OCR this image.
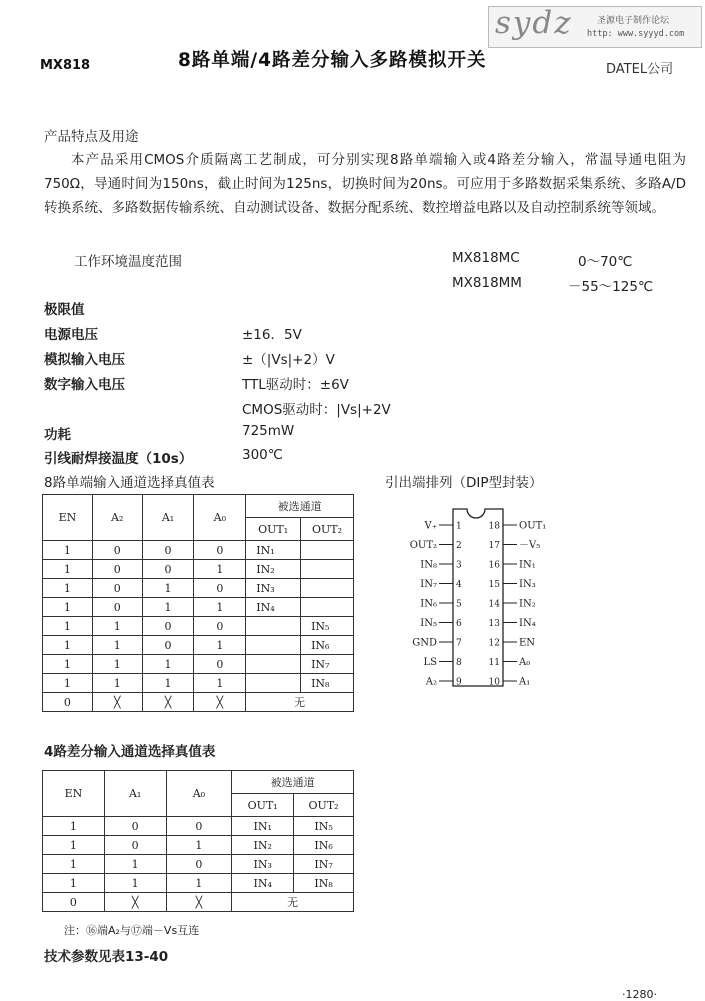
sydz	圣源电子制作论坛
http: www.syyyd.com
MX818	8路单端/4路差分输入多路模拟开关	DATEL公司
产品特点及用途
本产品采用CMOS介质隔离工艺制成，可分别实现8路单端输入或4路差分输入，常温导通电阻为750Ω，导通时间为150ns，截止时间为125ns，切换时间为20ns。可应用于多路数据采集系统、多路A/D转换系统、多路数据传输系统、自动测试设备、数据分配系统、数控增益电路以及自动控制系统等领域。
工作环境温度范围	MX818MC	0～70℃
MX818MM	－55～125℃
极限值
电源电压	±16．5V
模拟输入电压	±（|Vs|+2）V
数字输入电压	TTL驱动时：±6V
CMOS驱动时：|Vs|+2V
功耗	725mW
引线耐焊接温度（10s）	300℃
8路单端输入通道选择真值表
EN	A₂	A₁	A₀	被选通道	
				OUT₁	OUT₂
1	0	0	0	IN₁	
1	0	0	1	IN₂	
1	0	1	0	IN₃	
1	0	1	1	IN₄	
1	1	0	0		IN₅
1	1	0	1		IN₆
1	1	1	0		IN₇
1	1	1	1		IN₈
0	╳	╳	╳	无	
引出端排列（DIP型封装）
V₊ 1
OUT₂ 2
IN₈ 3
IN₇ 4
IN₆ 5
IN₅ 6
GND 7
LS 8
A₂ 9
OUT₁
18
－V₅
17
IN₁
16
IN₃
15
IN₂
14
IN₄
13
EN
12
A₀
11
A₁
10
4路差分输入通道选择真值表
EN	A₁	A₀	被选通道	
			OUT₁	OUT₂
1	0	0	IN₁	IN₅
1	0	1	IN₂	IN₆
1	1	0	IN₃	IN₇
1	1	1	IN₄	IN₈
0	╳	╳	无	
注：⑯端A₂与⑰端－Vs互连
技术参数见表13-40
·1280·
